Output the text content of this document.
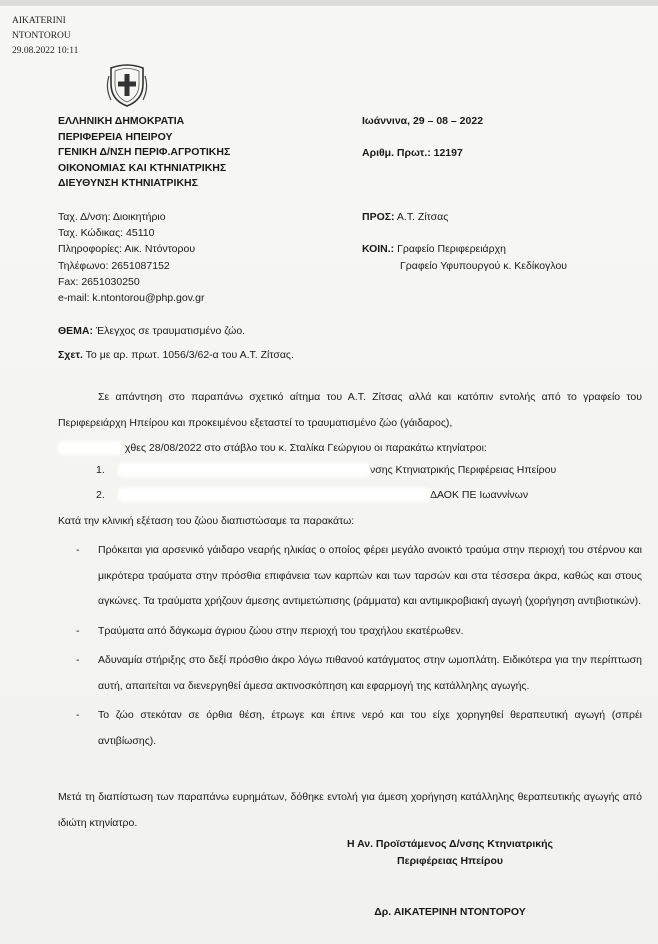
AIKATERINI
NTONTOROU
29.08.2022 10:11
ΕΛΛΗΝΙΚΗ ΔΗΜΟΚΡΑΤΙΑ
ΠΕΡΙΦΕΡΕΙΑ ΗΠΕΙΡΟΥ
ΓΕΝΙΚΗ Δ/ΝΣΗ ΠΕΡΙΦ.ΑΓΡΟΤΙΚΗΣ
ΟΙΚΟΝΟΜΙΑΣ ΚΑΙ ΚΤΗΝΙΑΤΡΙΚΗΣ
ΔΙΕΥΘΥΝΣΗ ΚΤΗΝΙΑΤΡΙΚΗΣ
Ιωάννινα, 29 – 08 – 2022
Αριθμ. Πρωτ.: 12197
Ταχ. Δ/νση: Διοικητήριο
Ταχ. Κώδικας: 45110
Πληροφορίες: Αικ. Ντόντορου
Τηλέφωνο: 2651087152
Fax: 2651030250
e-mail: k.ntontorou@php.gov.gr
ΠΡΟΣ: Α.Τ. Ζίτσας
ΚΟΙΝ.: Γραφείο Περιφερειάρχη
Γραφείο Υφυπουργού κ. Κεδίκογλου
ΘΕΜΑ: Έλεγχος σε τραυματισμένο ζώο.
Σχετ. Το με αρ. πρωτ. 1056/3/62-α του Α.Τ. Ζίτσας.

Σε απάντηση στο παραπάνω σχετικό αίτημα του Α.Τ. Ζίτσας αλλά και κατόπιν εντολής από το γραφείο του Περιφερειάρχη Ηπείρου και προκειμένου εξεταστεί το τραυματισμένο ζώο (γάιδαρος),

χθες 28/08/2022 στο στάβλο του κ. Σταλίκα Γεώργιου οι παρακάτω κτηνίατροι:

1.	νσης Κτηνιατρικής Περιφέρειας Ηπείρου
2.	ΔΑΟΚ ΠΕ Ιωαννίνων
Κατά την κλινική εξέταση του ζώου διαπιστώσαμε τα παρακάτω:
- Πρόκειται για αρσενικό γάιδαρο νεαρής ηλικίας ο οποίος φέρει μεγάλο ανοικτό τραύμα στην περιοχή του στέρνου και μικρότερα τραύματα στην πρόσθια επιφάνεια των καρπών και των ταρσών και στα τέσσερα άκρα, καθώς και στους αγκώνες. Τα τραύματα χρήζουν άμεσης αντιμετώπισης (ράμματα) και αντιμικροβιακή αγωγή (χορήγηση αντιβιοτικών).
- Τραύματα από δάγκωμα άγριου ζώου στην περιοχή του τραχήλου εκατέρωθεν.
- Αδυναμία στήριξης στο δεξί πρόσθιο άκρο λόγω πιθανού κατάγματος στην ωμοπλάτη. Ειδικότερα για την περίπτωση αυτή, απαιτείται να διενεργηθεί άμεσα ακτινοσκόπηση και εφαρμογή της κατάλληλης αγωγής.
- Το ζώο στεκόταν σε όρθια θέση, έτρωγε και έπινε νερό και του είχε χορηγηθεί θεραπευτική αγωγή (σπρέι αντιβίωσης).
Μετά τη διαπίστωση των παραπάνω ευρημάτων, δόθηκε εντολή για άμεση χορήγηση κατάλληλης θεραπευτικής αγωγής από ιδιώτη κτηνίατρο.
Η Αν. Προϊστάμενος Δ/νσης Κτηνιατρικής
Περιφέρειας Ηπείρου
Δρ. ΑΙΚΑΤΕΡΙΝΗ ΝΤΟΝΤΟΡΟΥ
